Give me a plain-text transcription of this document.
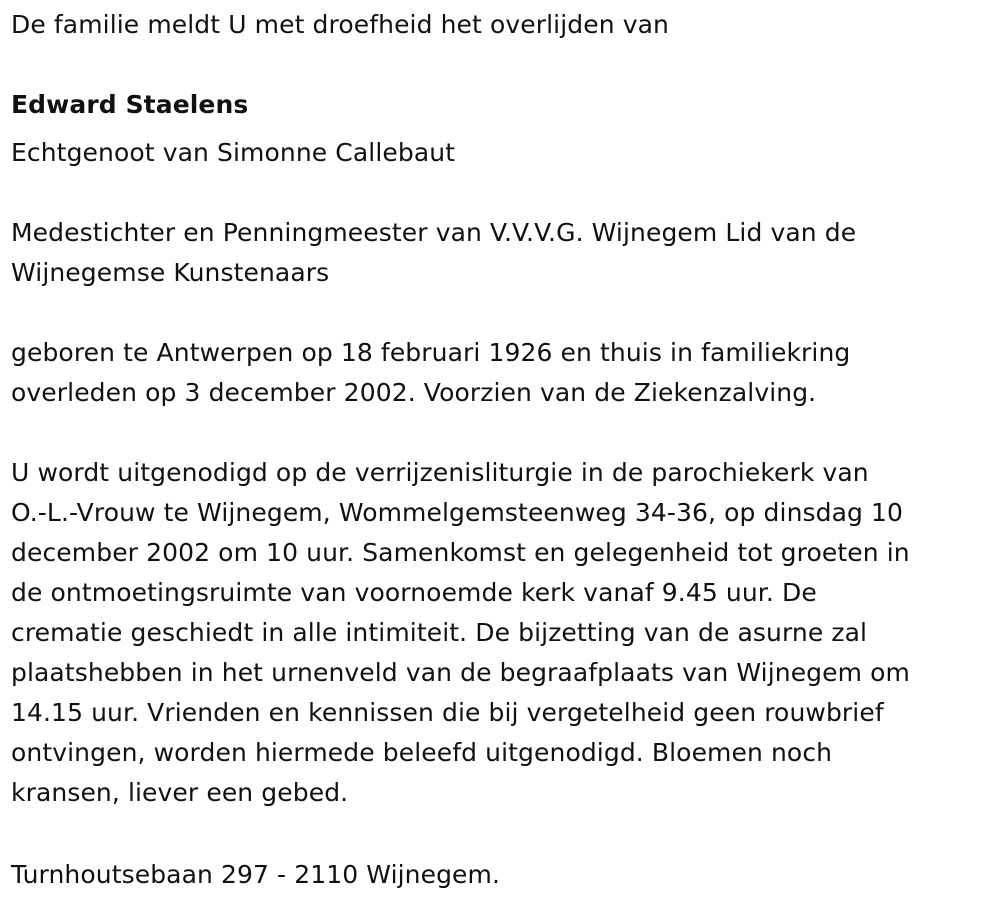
De familie meldt U met droefheid het overlijden van

Edward Staelens

Echtgenoot van Simonne Callebaut

Medestichter en Penningmeester van V.V.V.G. Wijnegem Lid van de

Wijnegemse Kunstenaars

geboren te Antwerpen op 18 februari 1926 en thuis in familiekring

overleden op 3 december 2002. Voorzien van de Ziekenzalving.

U wordt uitgenodigd op de verrijzenisliturgie in de parochiekerk van

O.-L.-Vrouw te Wijnegem, Wommelgemsteenweg 34-36, op dinsdag 10

december 2002 om 10 uur. Samenkomst en gelegenheid tot groeten in

de ontmoetingsruimte van voornoemde kerk vanaf 9.45 uur. De

crematie geschiedt in alle intimiteit. De bijzetting van de asurne zal

plaatshebben in het urnenveld van de begraafplaats van Wijnegem om

14.15 uur. Vrienden en kennissen die bij vergetelheid geen rouwbrief

ontvingen, worden hiermede beleefd uitgenodigd. Bloemen noch

kransen, liever een gebed.

Turnhoutsebaan 297 - 2110 Wijnegem.
